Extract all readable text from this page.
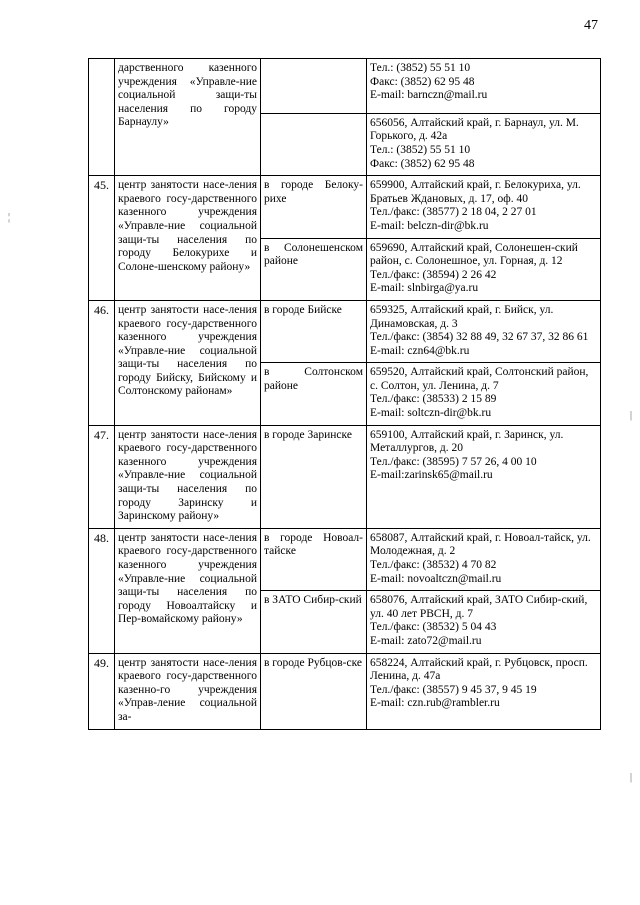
47
	дарственного казенного учреждения «Управле-ние социальной защи-ты населения по городу Барнаулу»		Тел.: (3852) 55 51 10
Факс: (3852) 62 95 48
E-mail: barnczn@mail.ru

			656056, Алтайский край, г. Барнаул, ул. М. Горького, д. 42а
Тел.: (3852) 55 51 10
Факс: (3852) 62 95 48

45.	центр занятости насе-ления краевого госу-дарственного казенного учреждения «Управле-ние социальной защи-ты населения по городу Белокурихе и Солоне-шенскому району»	в городе Белоку-рихе	659900, Алтайский край, г. Белокуриха, ул. Братьев Ждановых, д. 17, оф. 40
Тел./факс: (38577) 2 18 04, 2 27 01
E-mail: belczn-dir@bk.ru

		в Солонешенском районе	659690, Алтайский край, Солонешен-ский район, с. Солонешное, ул. Горная, д. 12
Тел./факс: (38594) 2 26 42
E-mail: slnbirga@ya.ru

46.	центр занятости насе-ления краевого госу-дарственного казенного учреждения «Управле-ние социальной защи-ты населения по городу Бийску, Бийскому и Солтонскому районам»	в городе Бийске	659325, Алтайский край, г. Бийск, ул. Динамовская, д. 3
Тел./факс: (3854) 32 88 49, 32 67 37, 32 86 61
E-mail: czn64@bk.ru

		в Солтонском районе	659520, Алтайский край, Солтонский район, с. Солтон, ул. Ленина, д. 7
Тел./факс: (38533) 2 15 89
E-mail: soltczn-dir@bk.ru

47.	центр занятости насе-ления краевого госу-дарственного казенного учреждения «Управле-ние социальной защи-ты населения по городу Заринску и Заринскому району»	в городе Заринске	659100, Алтайский край, г. Заринск, ул. Металлургов, д. 20
Тел./факс: (38595) 7 57 26, 4 00 10
E-mail:zarinsk65@mail.ru

48.	центр занятости насе-ления краевого госу-дарственного казенного учреждения «Управле-ние социальной защи-ты населения по городу Новоалтайску и Пер-вомайскому району»	в городе Новоал-тайске	658087, Алтайский край, г. Новоал-тайск, ул. Молодежная, д. 2
Тел./факс: (38532) 4 70 82
E-mail: novoaltczn@mail.ru

		в ЗАТО Сибир-ский	658076, Алтайский край, ЗАТО Сибир-ский, ул. 40 лет РВСН, д. 7
Тел./факс: (38532) 5 04 43
E-mail: zato72@mail.ru

49.	центр занятости насе-ления краевого госу-дарственного казенно-го учреждения «Управ-ление социальной за-	в городе Рубцов-ске	658224, Алтайский край, г. Рубцовск, просп. Ленина, д. 47а
Тел./факс: (38557) 9 45 37, 9 45 19
E-mail: czn.rub@rambler.ru
¦
|
|
